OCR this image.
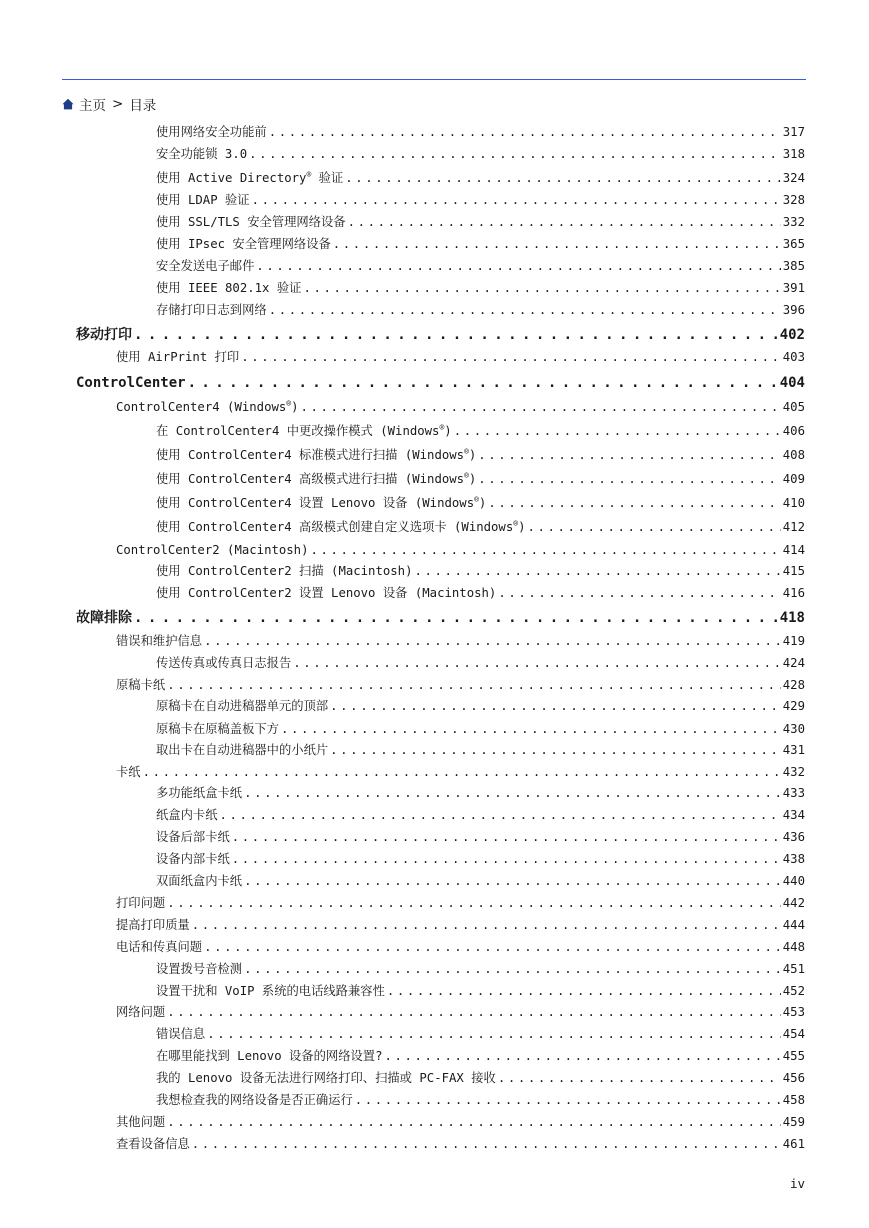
主页 > 目录
使用网络安全功能前 . . .	317
安全功能锁 3.0 . . .	318
使用 Active Directory® 验证 . . .	324
使用 LDAP 验证 . . .	328
使用 SSL/TLS 安全管理网络设备 . . .	332
使用 IPsec 安全管理网络设备 . . .	365
安全发送电子邮件 . . .	385
使用 IEEE 802.1x 验证 . . .	391
存储打印日志到网络 . . .	396
移动打印 . . .	402
使用 AirPrint 打印 . . .	403
ControlCenter . . .	404
ControlCenter4 (Windows®) . . .	405
在 ControlCenter4 中更改操作模式 (Windows®) . . .	406
使用 ControlCenter4 标准模式进行扫描 (Windows®) . . .	408
使用 ControlCenter4 高级模式进行扫描 (Windows®) . . .	409
使用 ControlCenter4 设置 Lenovo 设备 (Windows®) . . .	410
使用 ControlCenter4 高级模式创建自定义选项卡 (Windows®) . . .	412
ControlCenter2 (Macintosh) . . .	414
使用 ControlCenter2 扫描 (Macintosh) . . .	415
使用 ControlCenter2 设置 Lenovo 设备 (Macintosh) . . .	416
故障排除 . . .	418
错误和维护信息 . . .	419
传送传真或传真日志报告 . . .	424
原稿卡纸 . . .	428
原稿卡在自动进稿器单元的顶部 . . .	429
原稿卡在原稿盖板下方 . . .	430
取出卡在自动进稿器中的小纸片 . . .	431
卡纸 . . .	432
多功能纸盒卡纸 . . .	433
纸盒内卡纸 . . .	434
设备后部卡纸 . . .	436
设备内部卡纸 . . .	438
双面纸盒内卡纸 . . .	440
打印问题 . . .	442
提高打印质量 . . .	444
电话和传真问题 . . .	448
设置拨号音检测 . . .	451
设置干扰和 VoIP 系统的电话线路兼容性 . . .	452
网络问题 . . .	453
错误信息 . . .	454
在哪里能找到 Lenovo 设备的网络设置? . . .	455
我的 Lenovo 设备无法进行网络打印、扫描或 PC-FAX 接收 . . .	456
我想检查我的网络设备是否正确运行 . . .	458
其他问题 . . .	459
查看设备信息 . . .	461
iv
